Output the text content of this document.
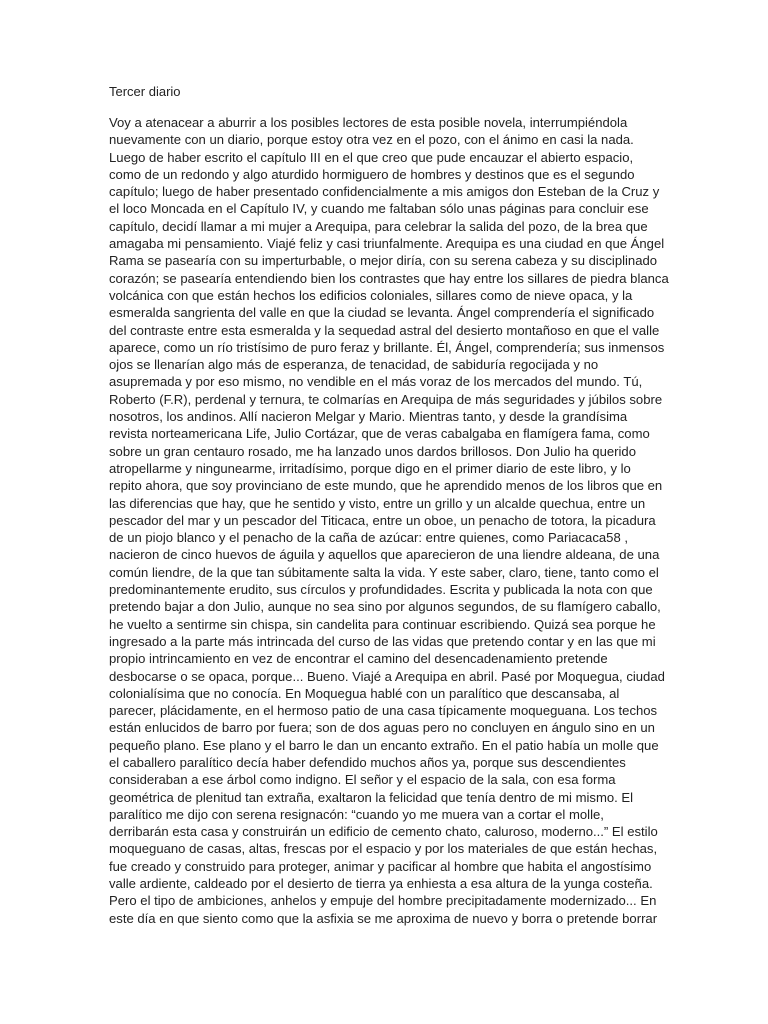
Tercer diario
Voy a atenacear a aburrir a los posibles lectores de esta posible novela, interrumpiéndola
nuevamente con un diario, porque estoy otra vez en el pozo, con el ánimo en casi la nada.
Luego de haber escrito el capítulo III en el que creo que pude encauzar el abierto espacio,
como de un redondo y algo aturdido hormiguero de hombres y destinos que es el segundo
capítulo; luego de haber presentado confidencialmente a mis amigos don Esteban de la Cruz y
el loco Moncada en el Capítulo IV, y cuando me faltaban sólo unas páginas para concluir ese
capítulo, decidí llamar a mi mujer a Arequipa, para celebrar la salida del pozo, de la brea que
amagaba mi pensamiento. Viajé feliz y casi triunfalmente. Arequipa es una ciudad en que Ángel
Rama se pasearía con su imperturbable, o mejor diría, con su serena cabeza y su disciplinado
corazón; se pasearía entendiendo bien los contrastes que hay entre los sillares de piedra blanca
volcánica con que están hechos los edificios coloniales, sillares como de nieve opaca, y la
esmeralda sangrienta del valle en que la ciudad se levanta. Ángel comprendería el significado
del contraste entre esta esmeralda y la sequedad astral del desierto montañoso en que el valle
aparece, como un río tristísimo de puro feraz y brillante. Él, Ángel, comprendería; sus inmensos
ojos se llenarían algo más de esperanza, de tenacidad, de sabiduría regocijada y no
asupremada y por eso mismo, no vendible en el más voraz de los mercados del mundo. Tú,
Roberto (F.R), perdenal y ternura, te colmarías en Arequipa de más seguridades y júbilos sobre
nosotros, los andinos. Allí nacieron Melgar y Mario. Mientras tanto, y desde la grandísima
revista norteamericana Life, Julio Cortázar, que de veras cabalgaba en flamígera fama, como
sobre un gran centauro rosado, me ha lanzado unos dardos brillosos. Don Julio ha querido
atropellarme y ningunearme, irritadísimo, porque digo en el primer diario de este libro, y lo
repito ahora, que soy provinciano de este mundo, que he aprendido menos de los libros que en
las diferencias que hay, que he sentido y visto, entre un grillo y un alcalde quechua, entre un
pescador del mar y un pescador del Titicaca, entre un oboe, un penacho de totora, la picadura
de un piojo blanco y el penacho de la caña de azúcar: entre quienes, como Pariacaca58 ,
nacieron de cinco huevos de águila y aquellos que aparecieron de una liendre aldeana, de una
común liendre, de la que tan súbitamente salta la vida. Y este saber, claro, tiene, tanto como el
predominantemente erudito, sus círculos y profundidades. Escrita y publicada la nota con que
pretendo bajar a don Julio, aunque no sea sino por algunos segundos, de su flamígero caballo,
he vuelto a sentirme sin chispa, sin candelita para continuar escribiendo. Quizá sea porque he
ingresado a la parte más intrincada del curso de las vidas que pretendo contar y en las que mi
propio intrincamiento en vez de encontrar el camino del desencadenamiento pretende
desbocarse o se opaca, porque... Bueno. Viajé a Arequipa en abril. Pasé por Moquegua, ciudad
colonialísima que no conocía. En Moquegua hablé con un paralítico que descansaba, al
parecer, plácidamente, en el hermoso patio de una casa típicamente moqueguana. Los techos
están enlucidos de barro por fuera; son de dos aguas pero no concluyen en ángulo sino en un
pequeño plano. Ese plano y el barro le dan un encanto extraño. En el patio había un molle que
el caballero paralítico decía haber defendido muchos años ya, porque sus descendientes
consideraban a ese árbol como indigno. El señor y el espacio de la sala, con esa forma
geométrica de plenitud tan extraña, exaltaron la felicidad que tenía dentro de mi mismo. El
paralítico me dijo con serena resignacón: “cuando yo me muera van a cortar el molle,
derribarán esta casa y construirán un edificio de cemento chato, caluroso, moderno...” El estilo
moqueguano de casas, altas, frescas por el espacio y por los materiales de que están hechas,
fue creado y construido para proteger, animar y pacificar al hombre que habita el angostísimo
valle ardiente, caldeado por el desierto de tierra ya enhiesta a esa altura de la yunga costeña.
Pero el tipo de ambiciones, anhelos y empuje del hombre precipitadamente modernizado... En
este día en que siento como que la asfixia se me aproxima de nuevo y borra o pretende borrar
